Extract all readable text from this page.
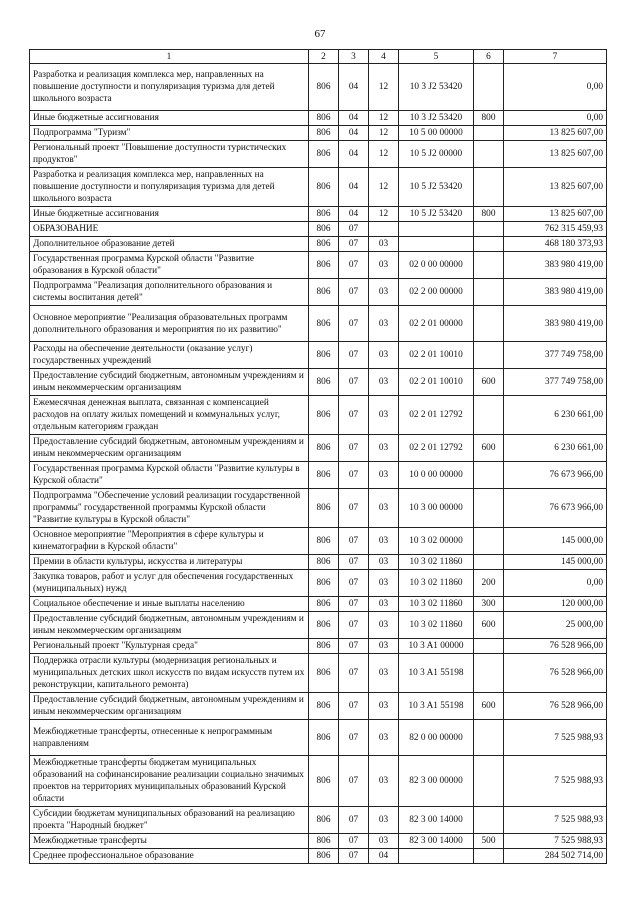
67
1	2	3	4	5	6	7
Разработка и реализация комплекса мер, направленных на повышение доступности и популяризация туризма для детей школьного возраста	806	04	12	10 3 J2 53420		0,00
Иные бюджетные ассигнования	806	04	12	10 3 J2 53420	800	0,00
Подпрограмма "Туризм"	806	04	12	10 5 00 00000		13 825 607,00
Региональный проект "Повышение доступности туристических продуктов"	806	04	12	10 5 J2 00000		13 825 607,00
Разработка и реализация комплекса мер, направленных на повышение доступности и популяризация туризма для детей школьного возраста	806	04	12	10 5 J2 53420		13 825 607,00
Иные бюджетные ассигнования	806	04	12	10 5 J2 53420	800	13 825 607,00
ОБРАЗОВАНИЕ	806	07				762 315 459,93
Дополнительное образование детей	806	07	03			468 180 373,93
Государственная программа Курской области "Развитие образования в Курской области"	806	07	03	02 0 00 00000		383 980 419,00
Подпрограмма "Реализация дополнительного образования и системы воспитания детей"	806	07	03	02 2 00 00000		383 980 419,00
Основное мероприятие "Реализация образовательных программ дополнительного образования и мероприятия по их развитию"	806	07	03	02 2 01 00000		383 980 419,00
Расходы на обеспечение деятельности (оказание услуг) государственных учреждений	806	07	03	02 2 01 10010		377 749 758,00
Предоставление субсидий бюджетным, автономным учреждениям и иным некоммерческим организациям	806	07	03	02 2 01 10010	600	377 749 758,00
Ежемесячная денежная выплата, связанная с компенсацией расходов на оплату жилых помещений и коммунальных услуг, отдельным категориям граждан	806	07	03	02 2 01 12792		6 230 661,00
Предоставление субсидий бюджетным, автономным учреждениям и иным некоммерческим организациям	806	07	03	02 2 01 12792	600	6 230 661,00
Государственная программа Курской области "Развитие культуры в Курской области"	806	07	03	10 0 00 00000		76 673 966,00
Подпрограмма "Обеспечение условий реализации государственной программы" государственной программы Курской области "Развитие культуры в Курской области"	806	07	03	10 3 00 00000		76 673 966,00
Основное мероприятие "Мероприятия в сфере культуры и кинематографии в Курской области"	806	07	03	10 3 02 00000		145 000,00
Премии в области культуры, искусства и литературы	806	07	03	10 3 02 11860		145 000,00
Закупка товаров, работ и услуг для обеспечения государственных (муниципальных) нужд	806	07	03	10 3 02 11860	200	0,00
Социальное обеспечение и иные выплаты населению	806	07	03	10 3 02 11860	300	120 000,00
Предоставление субсидий бюджетным, автономным учреждениям и иным некоммерческим организациям	806	07	03	10 3 02 11860	600	25 000,00
Региональный проект "Культурная среда"	806	07	03	10 3 A1 00000		76 528 966,00
Поддержка отрасли культуры (модернизация региональных и муниципальных детских школ искусств по видам искусств путем их реконструкции, капитального ремонта)	806	07	03	10 3 A1 55198		76 528 966,00
Предоставление субсидий бюджетным, автономным учреждениям и иным некоммерческим организациям	806	07	03	10 3 A1 55198	600	76 528 966,00
Межбюджетные трансферты, отнесенные к непрограммным направлениям	806	07	03	82 0 00 00000		7 525 988,93
Межбюджетные трансферты бюджетам муниципальных образований на софинансирование реализации социально значимых проектов на территориях муниципальных образований Курской области	806	07	03	82 3 00 00000		7 525 988,93
Субсидии бюджетам муниципальных образований на реализацию проекта "Народный бюджет"	806	07	03	82 3 00 14000		7 525 988,93
Межбюджетные трансферты	806	07	03	82 3 00 14000	500	7 525 988,93
Среднее профессиональное образование	806	07	04			284 502 714,00
